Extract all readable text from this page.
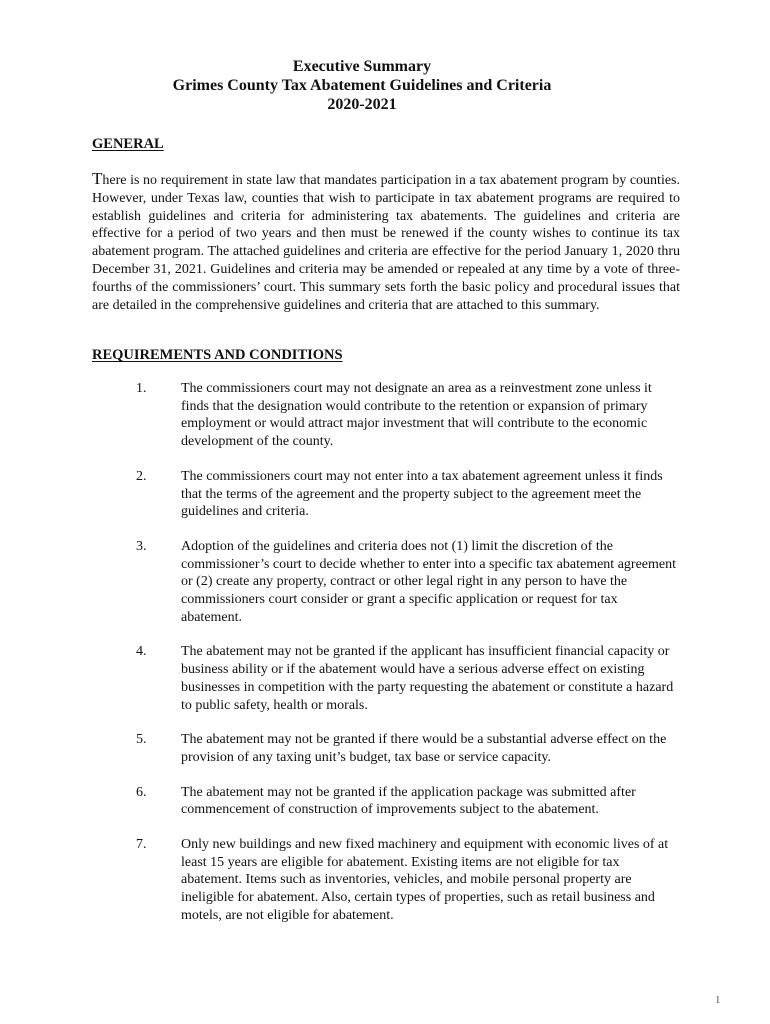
Executive Summary
Grimes County Tax Abatement Guidelines and Criteria
2020-2021
GENERAL

There is no requirement in state law that mandates participation in a tax abatement program by counties. However, under Texas law, counties that wish to participate in tax abatement programs are required to establish guidelines and criteria for administering tax abatements. The guidelines and criteria are effective for a period of two years and then must be renewed if the county wishes to continue its tax abatement program. The attached guidelines and criteria are effective for the period January 1, 2020 thru December 31, 2021. Guidelines and criteria may be amended or repealed at any time by a vote of three-fourths of the commissioners’ court. This summary sets forth the basic policy and procedural issues that are detailed in the comprehensive guidelines and criteria that are attached to this summary.

REQUIREMENTS AND CONDITIONS
1. The commissioners court may not designate an area as a reinvestment zone unless it finds that the designation would contribute to the retention or expansion of primary employment or would attract major investment that will contribute to the economic development of the county.
2. The commissioners court may not enter into a tax abatement agreement unless it finds that the terms of the agreement and the property subject to the agreement meet the guidelines and criteria.
3. Adoption of the guidelines and criteria does not (1) limit the discretion of the commissioner’s court to decide whether to enter into a specific tax abatement agreement or (2) create any property, contract or other legal right in any person to have the commissioners court consider or grant a specific application or request for tax abatement.
4. The abatement may not be granted if the applicant has insufficient financial capacity or business ability or if the abatement would have a serious adverse effect on existing businesses in competition with the party requesting the abatement or constitute a hazard to public safety, health or morals.
5. The abatement may not be granted if there would be a substantial adverse effect on the provision of any taxing unit’s budget, tax base or service capacity.
6. The abatement may not be granted if the application package was submitted after commencement of construction of improvements subject to the abatement.
7. Only new buildings and new fixed machinery and equipment with economic lives of at least 15 years are eligible for abatement. Existing items are not eligible for tax abatement. Items such as inventories, vehicles, and mobile personal property are ineligible for abatement. Also, certain types of properties, such as retail business and motels, are not eligible for abatement.
1
